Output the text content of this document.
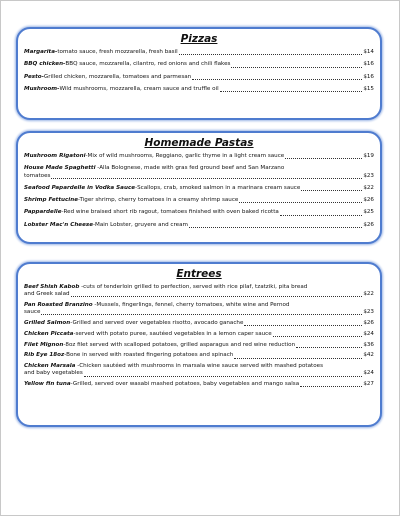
Pizzas
Margarita- tomato sauce, fresh mozzarella, fresh basil	$14
BBQ chicken- BBQ sauce, mozzarella, cilantro, red onions and chili flakes	$16
Pesto- Grilled chicken, mozzarella, tomatoes and parmesan	$16
Mushroom- Wild mushrooms, mozzarella, cream sauce and truffle oil	$15
Homemade Pastas
Mushroom Rigatoni -Mix of wild mushrooms, Reggiano, garlic thyme in a light cream sauce	$19
House Made Spaghetti -Alla Bolognese, made with gras fed ground beef and San Marzano
tomatoes	$23
Seafood Papardelle in Vodka Sauce -Scallops, crab, smoked salmon in a marinara cream sauce	$22
Shrimp Fettucine -Tiger shrimp, cherry tomatoes in a creamy shrimp sauce	$26
Pappardelle -Red wine braised short rib ragout, tomatoes finished with oven baked ricotta	$25
Lobster Mac'n Cheese -Main Lobster, gruyere and cream	$26
Entrees
Beef Shish Kabob -cuts of tenderloin grilled to perfection, served with rice pilaf, tzatziki, pita bread
and Greek salad	$22
Pan Roasted Branzino -Mussels, fingerlings, fennel, cherry tomatoes, white wine and Pernod
sauce	$23
Grilled Salmon -Grilled and served over vegetables risotto, avocado ganache	$26
Chicken Piccata -served with potato puree, sautéed vegetables in a lemon caper sauce	$24
Filet Mignon -8oz filet served with scalloped potatoes, grilled asparagus and red wine reduction	$36
Rib Eye 18oz -Bone in served with roasted fingering potatoes and spinach	$42
Chicken Marsala -Chicken sautéed with mushrooms in marsala wine sauce served with mashed potatoes
and baby vegetables	$24
Yellow fin tuna -Grilled, served over wasabi mashed potatoes, baby vegetables and mango salsa	$27
